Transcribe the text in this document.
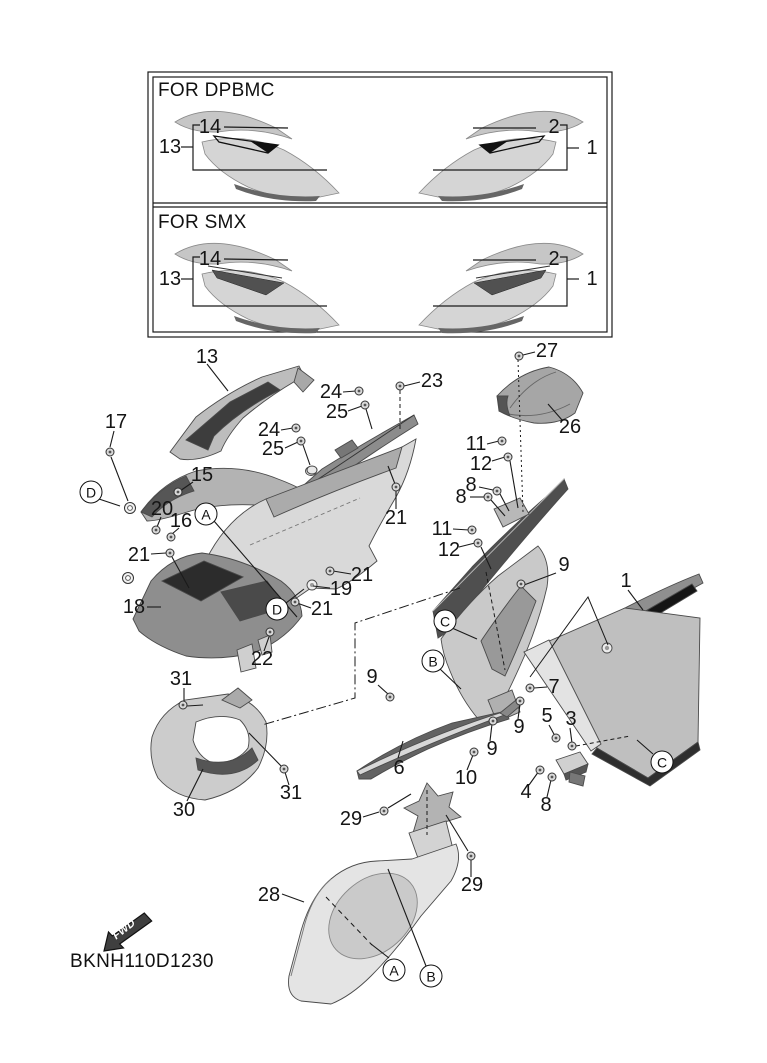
FWD
FOR DPBMC
FOR SMX
14
13
2
1
14
13
2
1
13
17
24
25
24
25
23
27
26
15
20
16
11
12
8
8
11
12
21
21
9
1
21
19
21
18
22
31	9	7
5 3
9
9
6	10
4
8
31
30	29
29
28
D
A
D
C
B
C
A	B
BKNH110D1230
